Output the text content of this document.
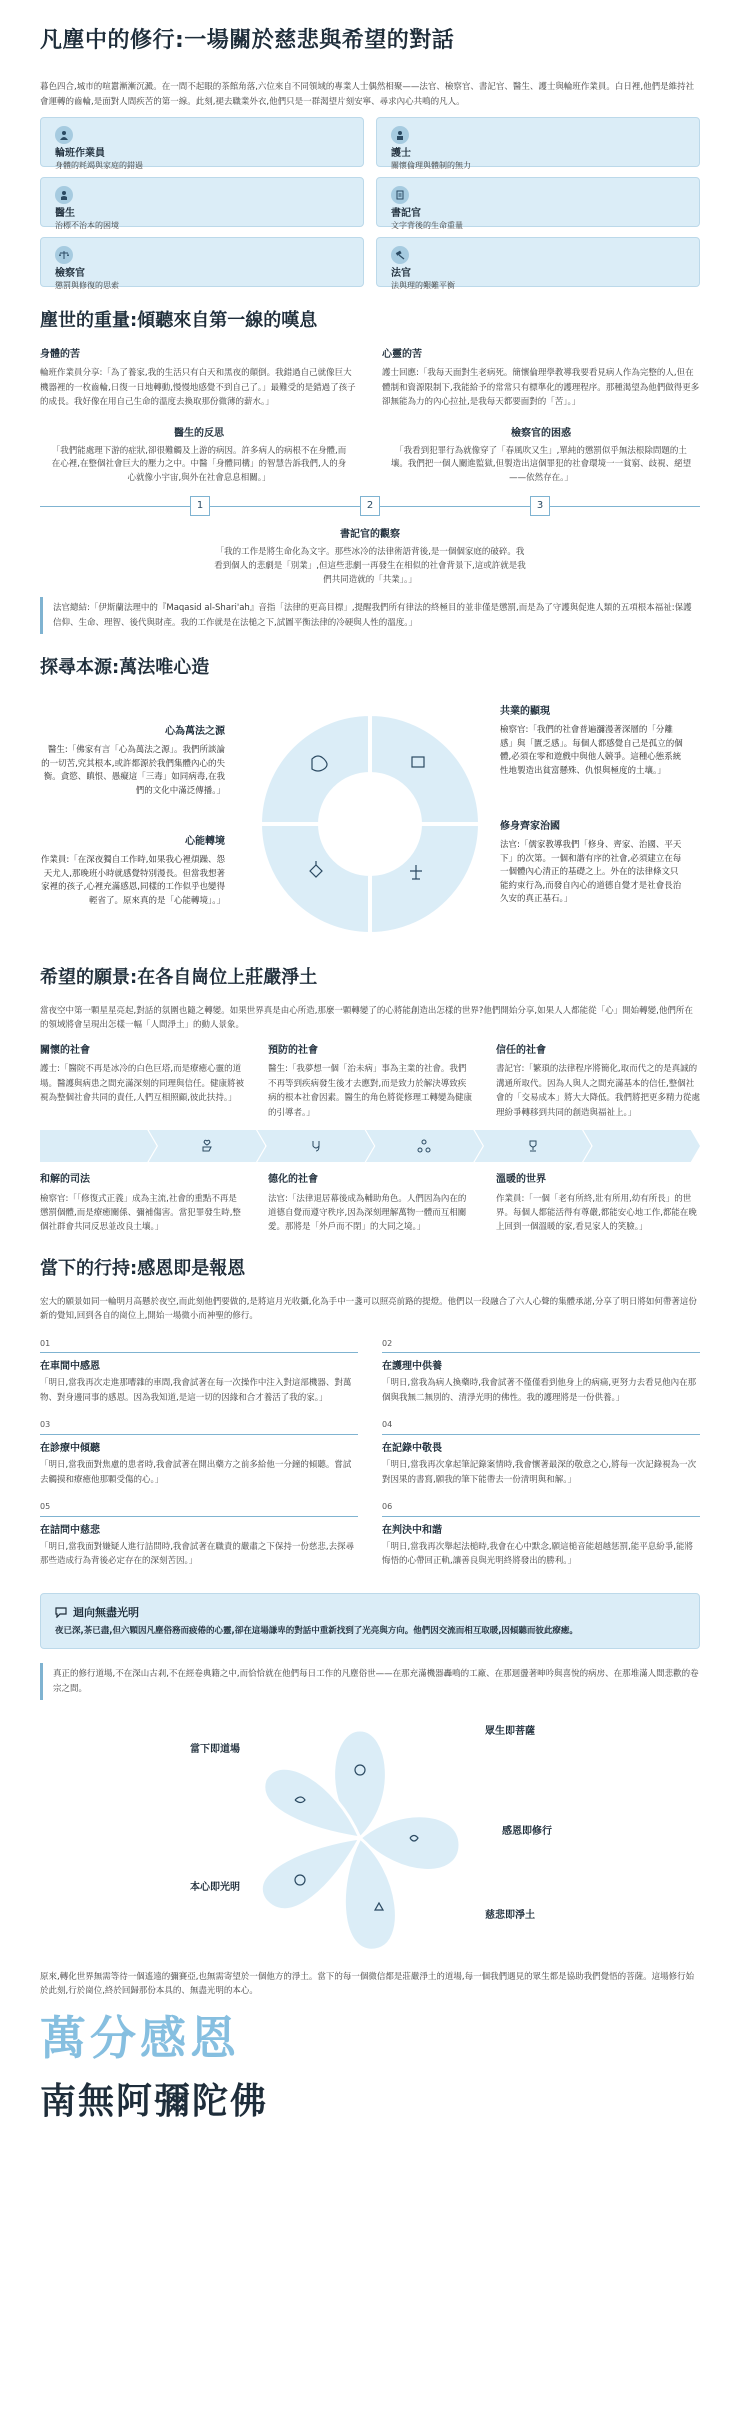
凡塵中的修行:一場關於慈悲與希望的對話

暮色四合,城市的喧囂漸漸沉澱。在一間不起眼的茶館角落,六位來自不同領域的專業人士偶然相聚——法官、檢察官、書記官、醫生、護士與輪班作業員。白日裡,他們是維持社會運轉的齒輪,是面對人間疾苦的第一線。此刻,褪去職業外衣,他們只是一群渴望片刻安寧、尋求內心共鳴的凡人。

輪班作業員
身體的耗竭與家庭的錯過
護士
關懷倫理與體制的無力
醫生
治標不治本的困境
書記官
文字背後的生命重量
檢察官
懲罰與修復的思索
法官
法與理的艱難平衡
塵世的重量:傾聽來自第一線的嘆息
身體的苦

輪班作業員分享:「為了養家,我的生活只有白天和黑夜的顛倒。我錯過自己就像巨大機器裡的一枚齒輪,日復一日地轉動,慢慢地感覺不到自己了。」最難受的是錯過了孩子的成長。我好像在用自己生命的溫度去換取那份微薄的薪水。」

心靈的苦

護士回應:「我每天面對生老病死。簡懷倫理學教導我要看見病人作為完整的人,但在體制和資源限制下,我能給予的常常只有標準化的護理程序。那種渴望為他們做得更多卻無能為力的內心拉扯,是我每天都要面對的「苦」。」

醫生的反思
「我們能處理下游的症狀,卻很難觸及上游的病因。許多病人的病根不在身體,而在心裡,在整個社會巨大的壓力之中。中醫「身體同構」的智慧告訴我們,人的身心就像小宇宙,與外在社會息息相關。」
檢察官的困惑
「我看到犯罪行為就像穿了「春風吹又生」,單純的懲罰似乎無法根除問題的土壤。我們把一個人關進監獄,但製造出這個罪犯的社會環境一一貧窮、歧視、絕望——依然存在。」
1	2	3
書記官的觀察
「我的工作是將生命化為文字。那些冰冷的法律術語背後,是一個個家庭的破碎。我看到個人的悲劇是「別業」,但這些悲劇一再發生在相似的社會背景下,這或許就是我們共同造就的「共業」。」

法官總結:「伊斯蘭法理中的『Maqasid al-Shari'ah』音指「法律的更高目標」,提醒我們所有律法的終極目的並非僅是懲罰,而是為了守護與促進人類的五項根本福祉:保護信仰、生命、理智、後代與財產。我的工作就是在法槌之下,試圖平衡法律的冷硬與人性的溫度。」

探尋本源:萬法唯心造
心為萬法之源
醫生:「佛家有言「心為萬法之源」。我們所談論的一切苦,究其根本,或許都源於我們集體內心的失衡。貪慾、瞋恨、愚癡這「三毒」如同病毒,在我們的文化中滿泛傳播。」
共業的顯現
檢察官:「我們的社會普遍瀰漫著深層的「分離感」與「匱乏感」。每個人都感覺自己是孤立的個體,必須在零和遊戲中與他人競爭。這種心態系統性地製造出貧富懸殊、仇恨與極度的土壤。」
心能轉境
作業員:「在深夜獨自工作時,如果我心裡煩躁、怨天尤人,那晚班小時就感覺特別漫長。但當我想著家裡的孩子,心裡充滿感恩,同樣的工作似乎也變得輕省了。原來真的是「心能轉境」。」
修身齊家治國
法官:「儒家教導我們「修身、齊家、治國、平天下」的次第。一個和諧有序的社會,必須建立在每一個體內心清正的基礎之上。外在的法律條文只能約束行為,而發自內心的道德自覺才是社會長治久安的真正基石。」
希望的願景:在各自崗位上莊嚴淨土

當夜空中第一顆星星亮起,對話的氛圍也隨之轉變。如果世界真是由心所造,那麼一顆轉變了的心將能創造出怎樣的世界?他們開始分享,如果人人都能從「心」開始轉變,他們所在的領域將會呈現出怎樣一幅「人間淨土」的動人景象。

關懷的社會

護士:「醫院不再是冰冷的白色巨塔,而是療癒心靈的道場。醫護與病患之間充滿深刻的同理與信任。健康將被視為整個社會共同的責任,人們互相照顧,彼此扶持。」

預防的社會

醫生:「我夢想一個「治未病」事為主業的社會。我們不再等到疾病發生後才去應對,而是致力於解決導致疾病的根本社會因素。醫生的角色將從修理工轉變為健康的引導者。」

信任的社會

書記官:「繁瑣的法律程序將簡化,取而代之的是真誠的溝通所取代。因為人與人之間充滿基本的信任,整個社會的「交易成本」將大大降低。我們將把更多精力從處理紛爭轉移到共同的創造與福祉上。」

和解的司法

檢察官:「「修復式正義」成為主流,社會的重點不再是懲罰個體,而是療癒關係、彌補傷害。當犯罪發生時,整個社群會共同反思並改良土壤。」

德化的社會

法官:「法律退居幕後成為輔助角色。人們因為內在的道德自覺而遵守秩序,因為深刻理解萬物一體而互相關愛。那將是「外戶而不閉」的大同之境。」

溫暖的世界

作業員:「一個「老有所終,壯有所用,幼有所長」的世界。每個人都能活得有尊嚴,都能安心地工作,都能在晚上回到一個溫暖的家,看見家人的笑臉。」

當下的行持:感恩即是報恩

宏大的願景如同一輪明月高懸於夜空,而此刻他們要做的,是將這月光收攝,化為手中一盞可以照亮前路的提燈。他們以一段融合了六人心聲的集體承諾,分享了明日將如何帶著這份新的覺知,回到各自的崗位上,開始一場微小而神聖的修行。

01
在車間中感恩

「明日,當我再次走進那嘈雜的車間,我會試著在每一次操作中注入對這部機器、對萬物、對身邊同事的感恩。因為我知道,是這一切的因緣和合才養活了我的家。」

02
在護理中供養

「明日,當我為病人換藥時,我會試著不僅僅看到他身上的病痛,更努力去看見他內在那個與我無二無別的、清淨光明的佛性。我的護理將是一份供養。」

03
在診療中傾聽

「明日,當我面對焦慮的患者時,我會試著在開出藥方之前多給他一分鐘的傾聽。嘗試去觸摸和療癒他那顆受傷的心。」

04
在記錄中敬畏

「明日,當我再次拿起筆記錄案情時,我會懷著最深的敬意之心,將每一次記錄視為一次對因果的書寫,願我的筆下能帶去一份清明與和解。」

05
在詰問中慈悲

「明日,當我面對嫌疑人進行詰問時,我會試著在職責的嚴肅之下保持一份慈悲,去探尋那些造成行為背後必定存在的深刻苦因。」

06
在判決中和諧

「明日,當我再次舉起法槌時,我會在心中默念,願這槌音能超越惩罰,能平息紛爭,能將悔悟的心帶回正軌,讓善良與光明終將發出的勝利。」

迴向無盡光明
夜已深,茶已盡,但六顆因凡塵俗務而疲倦的心靈,卻在這場謙卑的對話中重新找到了光亮與方向。他們因交流而相互取暖,因傾聽而彼此療癒。

真正的修行道場,不在深山古剎,不在經卷典籍之中,而恰恰就在他們每日工作的凡塵俗世——在那充滿機器轟鳴的工廠、在那迴盪著呻吟與喜悅的病房、在那堆滿人間悲歡的卷宗之間。

當下即道場
眾生即菩薩
感恩即修行
慈悲即淨土
本心即光明

原來,轉化世界無需等待一個遙遠的彌賽亞,也無需寄望於一個他方的淨土。當下的每一個微信都是莊嚴淨土的道場,每一個我們遇見的眾生都是協助我們覺悟的菩薩。這場修行始於此刻,行於崗位,終於回歸那份本具的、無盡光明的本心。

萬分感恩
南無阿彌陀佛
